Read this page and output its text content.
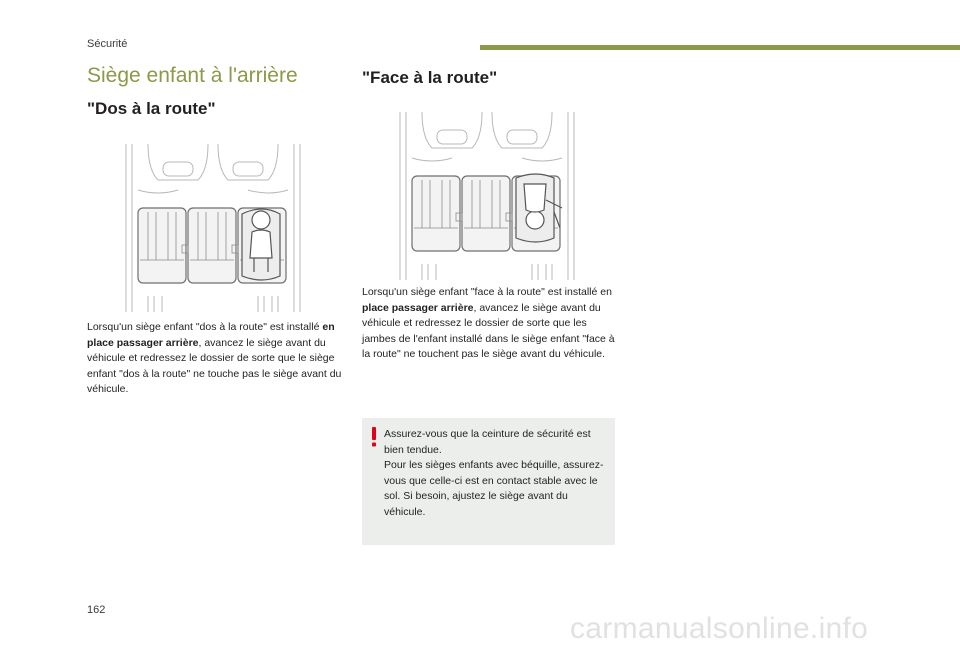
Sécurité
Siège enfant à l'arrière
"Dos à la route"
Lorsqu'un siège enfant "dos à la route" est installé en place passager arrière, avancez le siège avant du véhicule et redressez le dossier de sorte que le siège enfant "dos à la route" ne touche pas le siège avant du véhicule.
"Face à la route"
Lorsqu'un siège enfant "face à la route" est installé en place passager arrière, avancez le siège avant du véhicule et redressez le dossier de sorte que les jambes de l'enfant installé dans le siège enfant "face à la route" ne touchent pas le siège avant du véhicule.

Assurez-vous que la ceinture de sécurité est bien tendue.

Pour les sièges enfants avec béquille, assurez-vous que celle-ci est en contact stable avec le sol. Si besoin, ajustez le siège avant du véhicule.

162
carmanualsonline.info
